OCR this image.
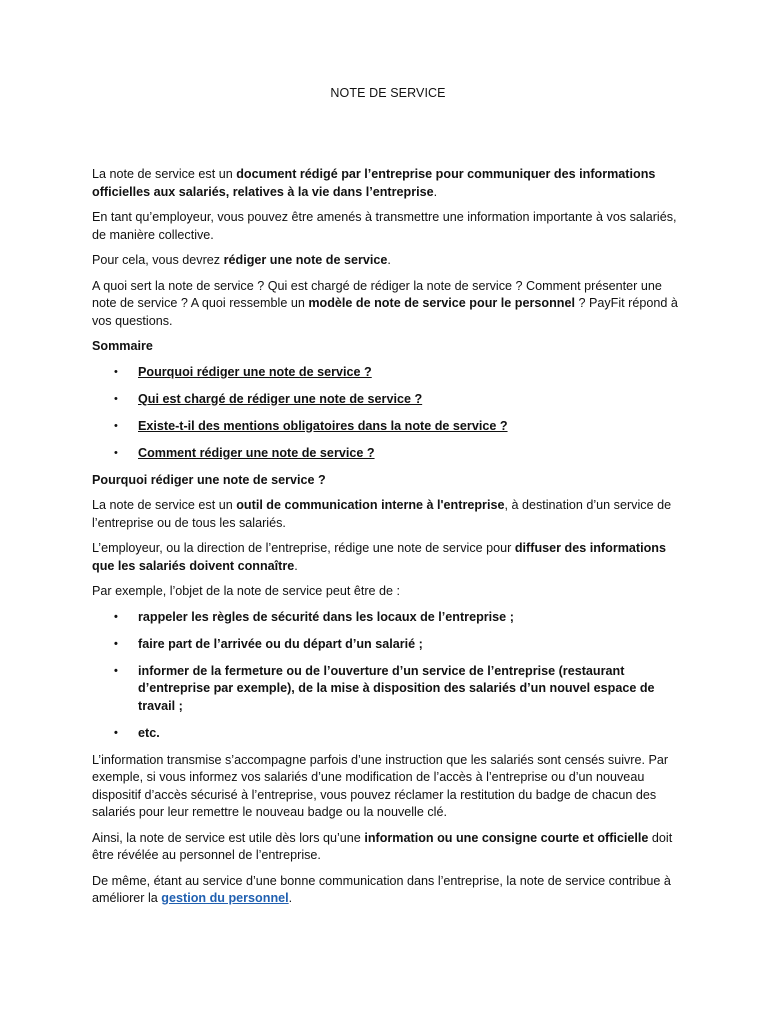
NOTE DE SERVICE

La note de service est un document rédigé par l’entreprise pour communiquer des informations officielles aux salariés, relatives à la vie dans l’entreprise.

En tant qu’employeur, vous pouvez être amenés à transmettre une information importante à vos salariés, de manière collective.

Pour cela, vous devrez rédiger une note de service.

A quoi sert la note de service ? Qui est chargé de rédiger la note de service ? Comment présenter une note de service ? A quoi ressemble un modèle de note de service pour le personnel ? PayFit répond à vos questions.

Sommaire

• Pourquoi rédiger une note de service ?
• Qui est chargé de rédiger une note de service ?
• Existe-t-il des mentions obligatoires dans la note de service ?
• Comment rédiger une note de service ?

Pourquoi rédiger une note de service ?

La note de service est un outil de communication interne à l'entreprise, à destination d’un service de l’entreprise ou de tous les salariés.

L’employeur, ou la direction de l’entreprise, rédige une note de service pour diffuser des informations que les salariés doivent connaître.

Par exemple, l’objet de la note de service peut être de :

• rappeler les règles de sécurité dans les locaux de l’entreprise ;
• faire part de l’arrivée ou du départ d’un salarié ;
• informer de la fermeture ou de l’ouverture d’un service de l’entreprise (restaurant d’entreprise par exemple), de la mise à disposition des salariés d’un nouvel espace de travail ;
• etc.

L’information transmise s’accompagne parfois d’une instruction que les salariés sont censés suivre. Par exemple, si vous informez vos salariés d’une modification de l’accès à l’entreprise ou d’un nouveau dispositif d’accès sécurisé à l’entreprise, vous pouvez réclamer la restitution du badge de chacun des salariés pour leur remettre le nouveau badge ou la nouvelle clé.

Ainsi, la note de service est utile dès lors qu’une information ou une consigne courte et officielle doit être révélée au personnel de l’entreprise.

De même, étant au service d’une bonne communication dans l’entreprise, la note de service contribue à améliorer la gestion du personnel.
